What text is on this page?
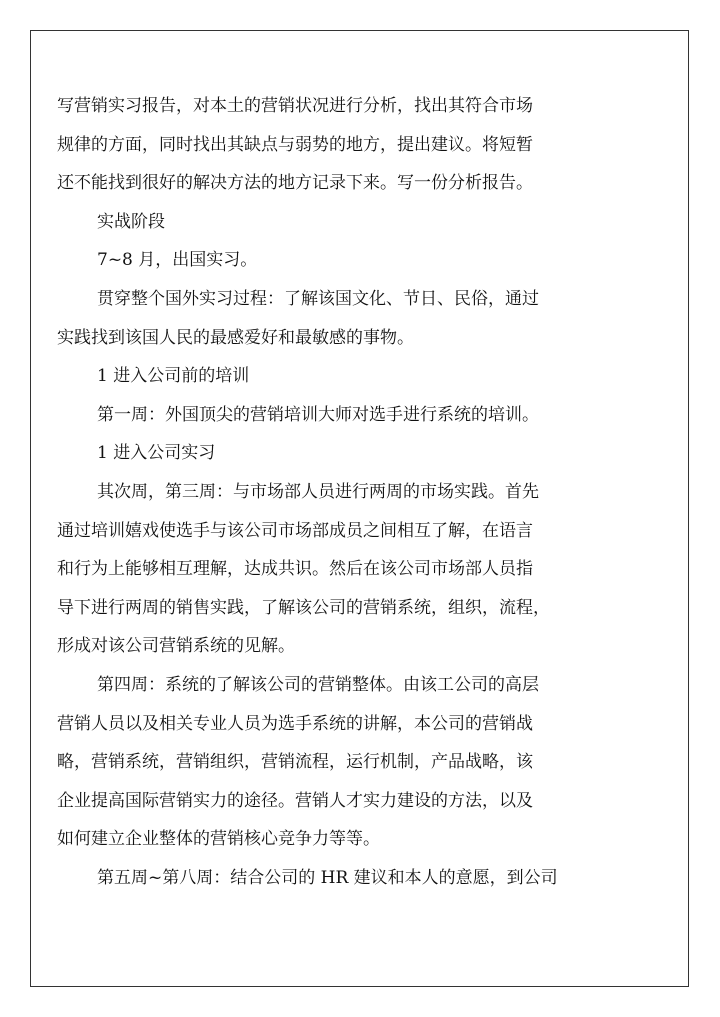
写营销实习报告，对本土的营销状况进行分析，找出其符合市场
规律的方面，同时找出其缺点与弱势的地方，提出建议。将短暂
还不能找到很好的解决方法的地方记录下来。写一份分析报告。
实战阶段
7~8 月，出国实习。
贯穿整个国外实习过程：了解该国文化、节日、民俗，通过
实践找到该国人民的最感爱好和最敏感的事物。
1 进入公司前的培训
第一周：外国顶尖的营销培训大师对选手进行系统的培训。
1 进入公司实习
其次周，第三周：与市场部人员进行两周的市场实践。首先
通过培训嬉戏使选手与该公司市场部成员之间相互了解，在语言
和行为上能够相互理解，达成共识。然后在该公司市场部人员指
导下进行两周的销售实践，了解该公司的营销系统，组织，流程，
形成对该公司营销系统的见解。
第四周：系统的了解该公司的营销整体。由该工公司的高层
营销人员以及相关专业人员为选手系统的讲解，本公司的营销战
略，营销系统，营销组织，营销流程，运行机制，产品战略，该
企业提高国际营销实力的途径。营销人才实力建设的方法，以及
如何建立企业整体的营销核心竞争力等等。
第五周~第八周：结合公司的 HR 建议和本人的意愿，到公司
